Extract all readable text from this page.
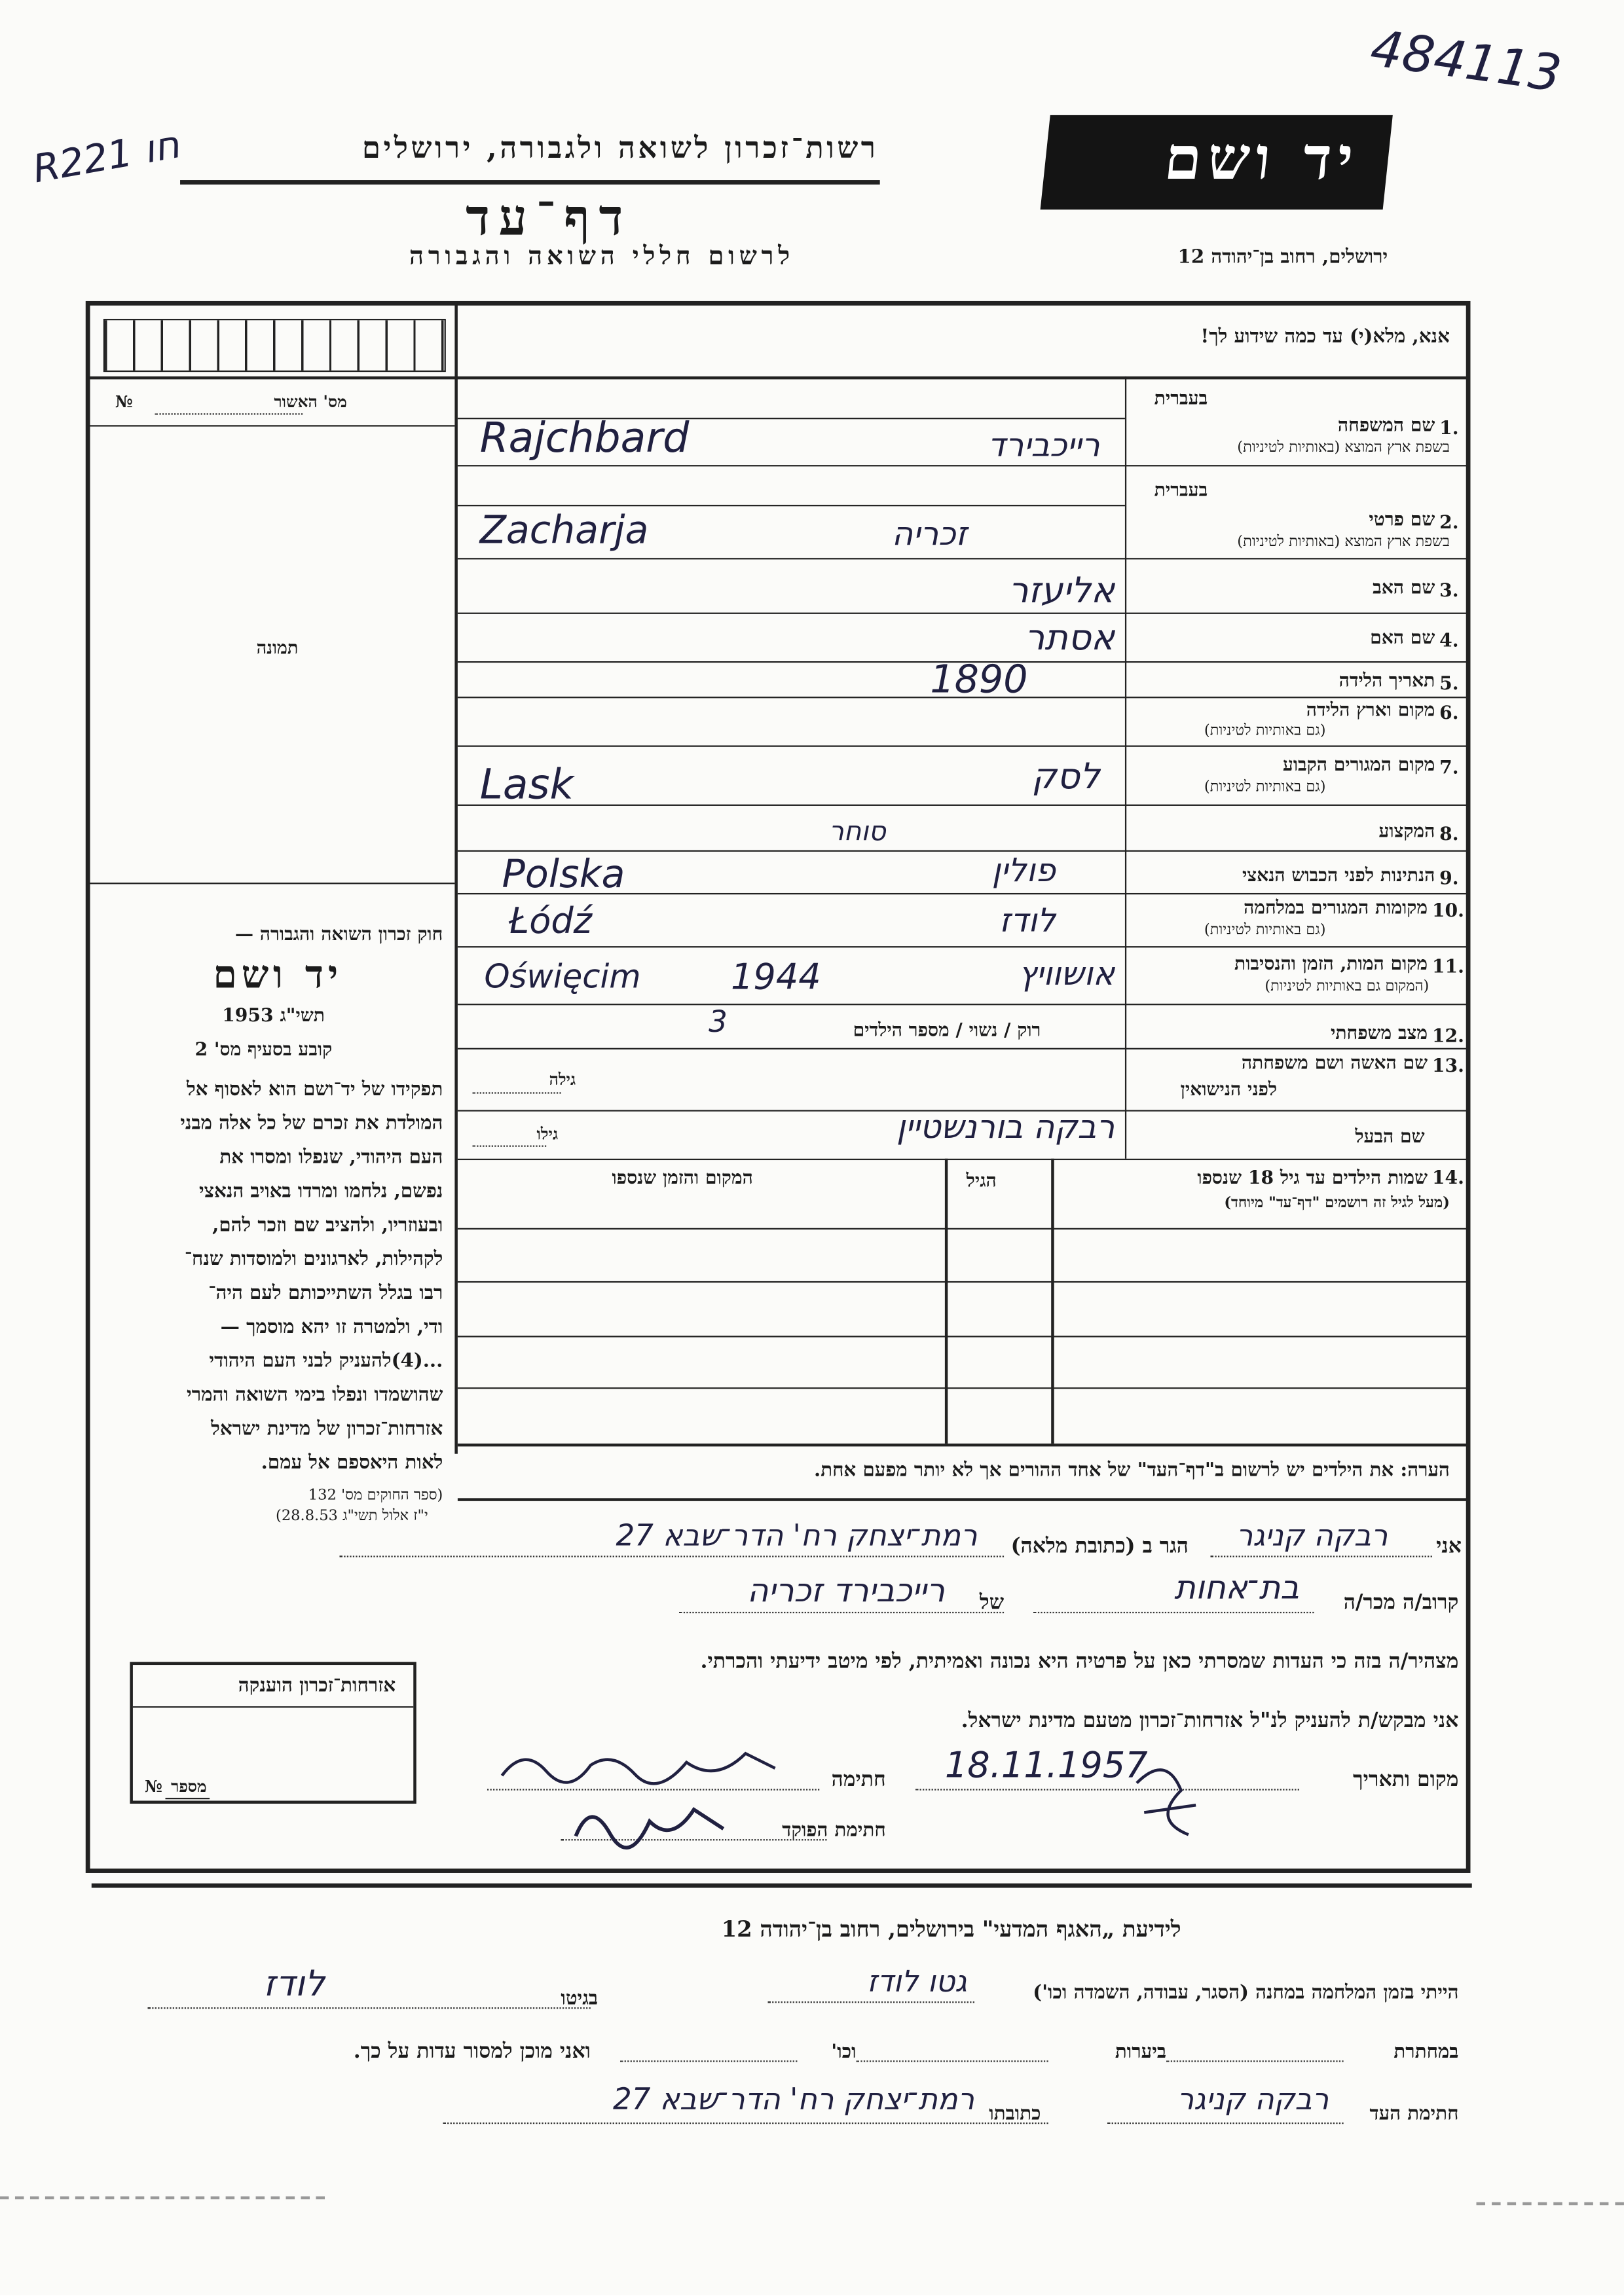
484113
Rחו 221	יד ושם
רשות־זכרון לשואה ולגבורה, ירושלים
דף־עד
לרשום חללי השואה והגבורה	ירושלים, רחוב בן־יהודה 12
אנא, מלא(י) עד כמה שידוע לך!
מס' האשור
№
תמונה
חוק זכרון השואה והגבורה —
יד ושם
תשי"ג 1953
קובע בסעיף מס' 2
תפקידו של יד־ושם הוא לאסוף אל
המולדת את זכרם של כל אלה מבני
העם היהודי, שנפלו ומסרו את
נפשם, נלחמו ומרדו באויב הנאצי
ובעוזריו, ולהציב שם וזכר להם,
לקהילות, לארגונים ולמוסדות שנח־
רבו בגלל השתייכותם לעם היה־
ודי, ולמטרה זו יהא מוסמך —
...(4)להעניק לבני העם היהודי
שהושמדו ונפלו בימי השואה והמרי
אזרחות־זכרון של מדינת ישראל
לאות היאספם אל עמם.
(ספר החוקים מס' 132
י"ז אלול תשי"ג 28.8.53)
בעברית
1.
שם המשפחה
בשפת ארץ המוצא (באותיות לטיניות)
Rajchbard	רייכבירד
בעברית
2.
שם פרטי
בשפת ארץ המוצא (באותיות לטיניות)
Zacharja	זכריה
3.
שם האב
אליעזר
4.
שם האם
אסתר
5.
תאריך הלידה
1890
6.
מקום וארץ הלידה
(גם באותיות לטיניות)
7.
מקום המגורים הקבוע
(גם באותיות לטיניות)
Lask	לסק
8.
המקצוע
סוחר
9.
הנתינות לפני הכבוש הנאצי
Polska	פולין
10.
מקומות המגורים במלחמה
(גם באותיות לטיניות)
Łódź	לודז
11.
מקום המות, הזמן והנסיבות
(המקום גם באותיות לטיניות)
Oświęcim	1944	אושוויץ
12.
מצב משפחתי
רוק / נשוי / מספר הילדים
3
13.
שם האשה ושם משפחתה
לפני הנישואין
גילה
שם הבעל
רבקה בורנשטיין
גילו
14.
שמות הילדים עד גיל 18 שנספו
(מעל לגיל זה רושמים "דף־עד" מיוחד)
הגיל
המקום והזמן שנספו
הערה: את הילדים יש לרשום ב"דף־העד" של אחד ההורים אך לא יותר מפעם אחת.
אני
רבקה קניגר
הגר ב (כתובת מלאה)
רמת־יצחק רח' הדר־שבא 27
קרוב/ה מכר/ה
בת־אחות
של
רייכבירד זכריה
מצהיר/ה בזה כי העדות שמסרתי כאן על פרטיה היא נכונה ואמיתית, לפי מיטב ידיעתי והכרתי.
אני מבקש/ת להעניק לנ"ל אזרחות־זכרון מטעם מדינת ישראל.
מקום ותאריך
18.11.1957
חתימה
חתימת הפוקד
אזרחות־זכרון הוענקה
מספר
№
לידיעת „האגף המדעי" בירושלים, רחוב בן־יהודה 12
הייתי בזמן המלחמה במחנה (הסגר, עבודה, השמדה וכו')
גטו לודז
בגיטו
לודז
במחתרת
ביערות
וכו'
ואני מוכן למסור עדות על כך.
חתימת העד
רבקה קניגר
כתובתו
רמת־יצחק רח' הדר־שבא 27
